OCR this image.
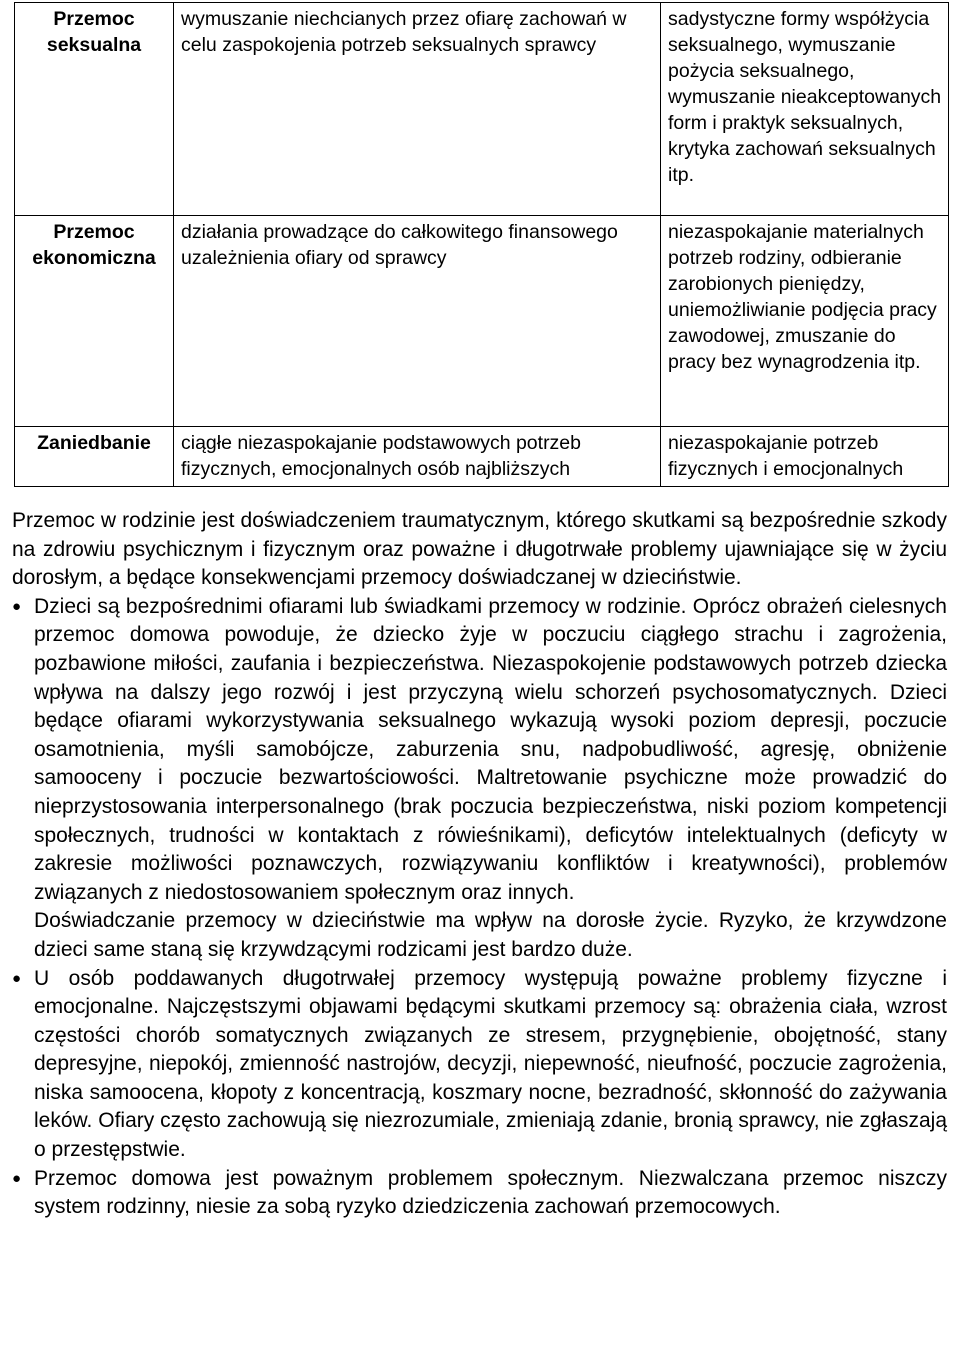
Przemoc seksualna	wymuszanie niechcianych przez ofiarę zachowań w celu zaspokojenia potrzeb seksualnych sprawcy	sadystyczne formy współżycia seksualnego, wymuszanie pożycia seksualnego, wymuszanie nieakceptowanych form i praktyk seksualnych, krytyka zachowań seksualnych itp.
Przemoc ekonomiczna	działania prowadzące do całkowitego finansowego uzależnienia ofiary od sprawcy	niezaspokajanie materialnych potrzeb rodziny, odbieranie zarobionych pieniędzy, uniemożliwianie podjęcia pracy zawodowej, zmuszanie do pracy bez wynagrodzenia itp.
Zaniedbanie	ciągłe niezaspokajanie podstawowych potrzeb fizycznych, emocjonalnych osób najbliższych	niezaspokajanie potrzeb fizycznych i emocjonalnych

Przemoc w rodzinie jest doświadczeniem traumatycznym, którego skutkami są bezpośrednie szkody na zdrowiu psychicznym i fizycznym oraz poważne i długotrwałe problemy ujawniające się w życiu dorosłym, a będące konsekwencjami przemocy doświadczanej w dzieciństwie.

● Dzieci są bezpośrednimi ofiarami lub świadkami przemocy w rodzinie. Oprócz obrażeń cielesnych przemoc domowa powoduje, że dziecko żyje w poczuciu ciągłego strachu i zagrożenia, pozbawione miłości, zaufania i bezpieczeństwa. Niezaspokojenie podstawowych potrzeb dziecka wpływa na dalszy jego rozwój i jest przyczyną wielu schorzeń psychosomatycznych. Dzieci będące ofiarami wykorzystywania seksualnego wykazują wysoki poziom depresji, poczucie osamotnienia, myśli samobójcze, zaburzenia snu, nadpobudliwość, agresję, obniżenie samooceny i poczucie bezwartościowości. Maltretowanie psychiczne może prowadzić do nieprzystosowania interpersonalnego (brak poczucia bezpieczeństwa, niski poziom kompetencji społecznych, trudności w kontaktach z rówieśnikami), deficytów intelektualnych (deficyty w zakresie możliwości poznawczych, rozwiązywaniu konfliktów i kreatywności), problemów związanych z niedostosowaniem społecznym oraz innych.

Doświadczanie przemocy w dzieciństwie ma wpływ na dorosłe życie. Ryzyko, że krzywdzone dzieci same staną się krzywdzącymi rodzicami jest bardzo duże.

● U osób poddawanych długotrwałej przemocy występują poważne problemy fizyczne i emocjonalne. Najczęstszymi objawami będącymi skutkami przemocy są: obrażenia ciała, wzrost częstości chorób somatycznych związanych ze stresem, przygnębienie, obojętność, stany depresyjne, niepokój, zmienność nastrojów, decyzji, niepewność, nieufność, poczucie zagrożenia, niska samoocena, kłopoty z koncentracją, koszmary nocne, bezradność, skłonność do zażywania leków. Ofiary często zachowują się niezrozumiale, zmieniają zdanie, bronią sprawcy, nie zgłaszają o przestępstwie.

● Przemoc domowa jest poważnym problemem społecznym. Niezwalczana przemoc niszczy system rodzinny, niesie za sobą ryzyko dziedziczenia zachowań przemocowych.
